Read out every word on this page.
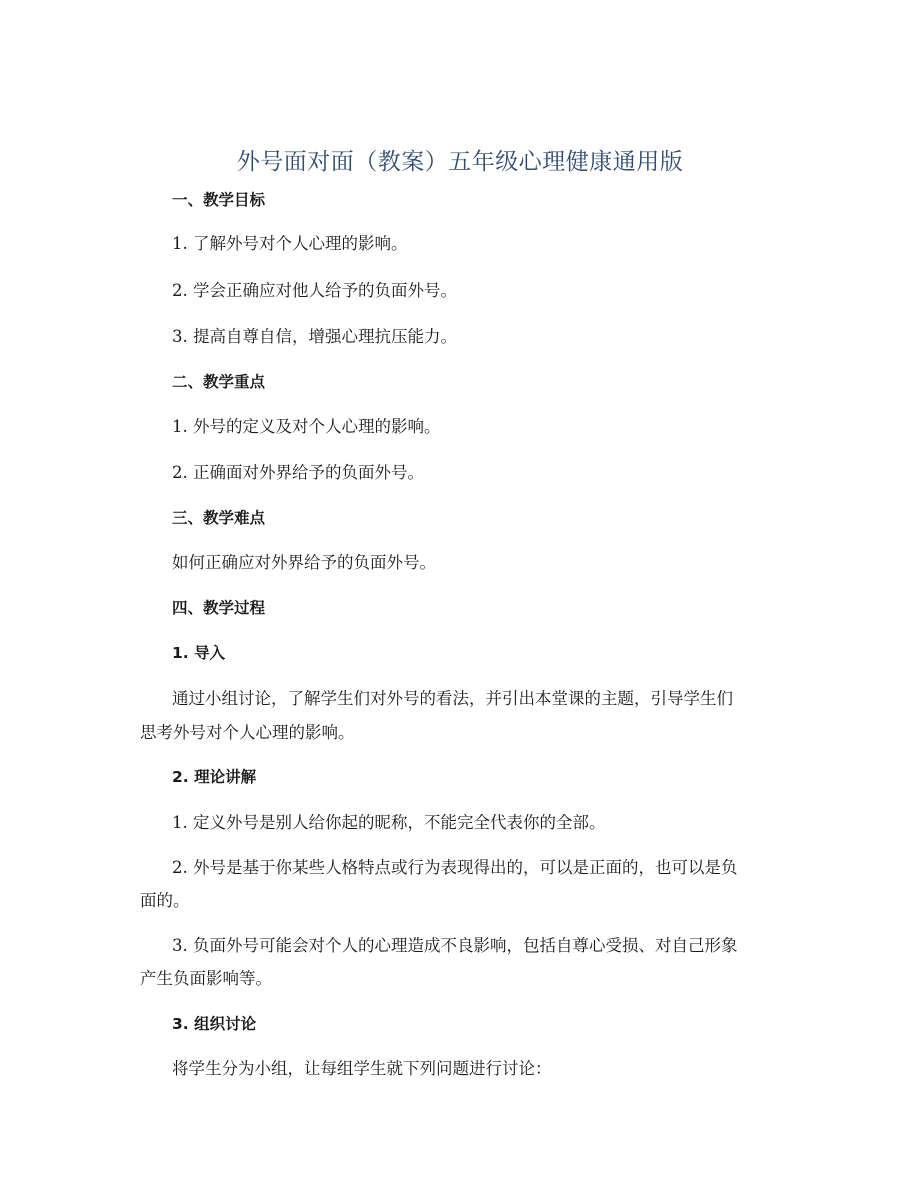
外号面对面（教案）五年级心理健康通用版
一、教学目标
1. 了解外号对个人心理的影响。
2. 学会正确应对他人给予的负面外号。
3. 提高自尊自信，增强心理抗压能力。
二、教学重点
1. 外号的定义及对个人心理的影响。
2. 正确面对外界给予的负面外号。
三、教学难点
如何正确应对外界给予的负面外号。
四、教学过程
1. 导入
通过小组讨论，了解学生们对外号的看法，并引出本堂课的主题，引导学生们
思考外号对个人心理的影响。
2. 理论讲解
1. 定义外号是别人给你起的昵称，不能完全代表你的全部。
2. 外号是基于你某些人格特点或行为表现得出的，可以是正面的，也可以是负
面的。
3. 负面外号可能会对个人的心理造成不良影响，包括自尊心受损、对自己形象
产生负面影响等。
3. 组织讨论
将学生分为小组，让每组学生就下列问题进行讨论：
